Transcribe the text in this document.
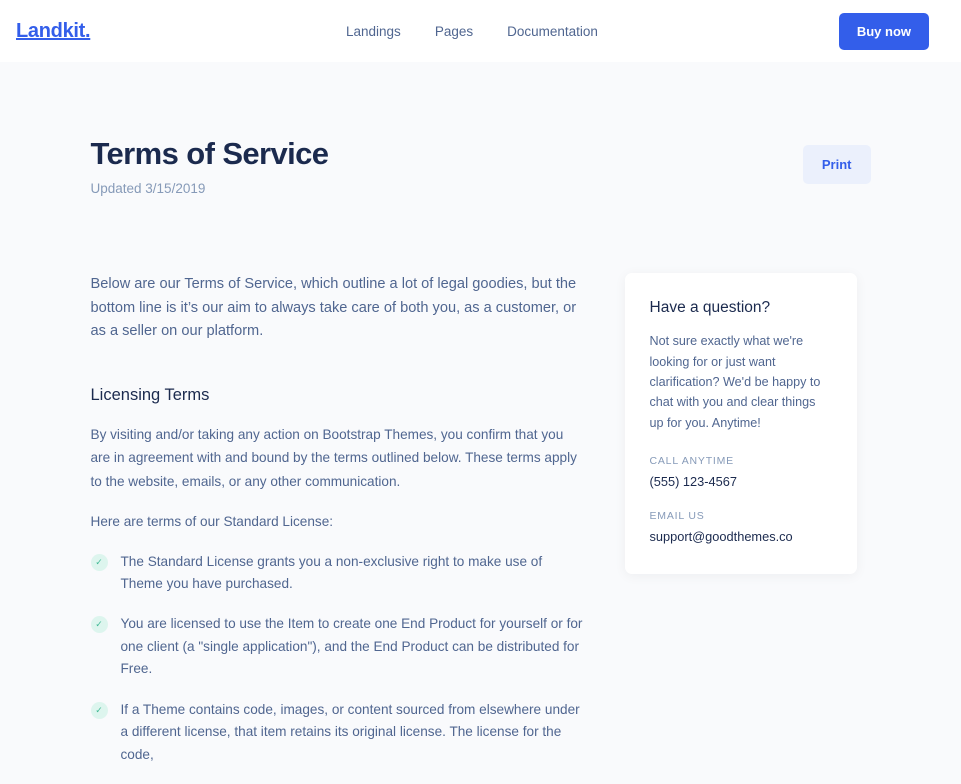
Landkit.	Landings	Pages	Documentation	Buy now
Terms of Service
Updated 3/15/2019
Print

Below are our Terms of Service, which outline a lot of legal goodies, but the bottom line is it’s our aim to always take care of both you, as a customer, or as a seller on our platform.

Licensing Terms

By visiting and/or taking any action on Bootstrap Themes, you confirm that you are in agreement with and bound by the terms outlined below. These terms apply to the website, emails, or any other communication.

Here are terms of our Standard License:

✓	The Standard License grants you a non-exclusive right to make use of Theme you have purchased.
✓	You are licensed to use the Item to create one End Product for yourself or for one client (a "single application"), and the End Product can be distributed for Free.
✓	If a Theme contains code, images, or content sourced from elsewhere under a different license, that item retains its original license. The license for the code,
Have a question?
Not sure exactly what we're looking for or just want clarification? We'd be happy to chat with you and clear things up for you. Anytime!
CALL ANYTIME
(555) 123-4567
EMAIL US
support@goodthemes.co
